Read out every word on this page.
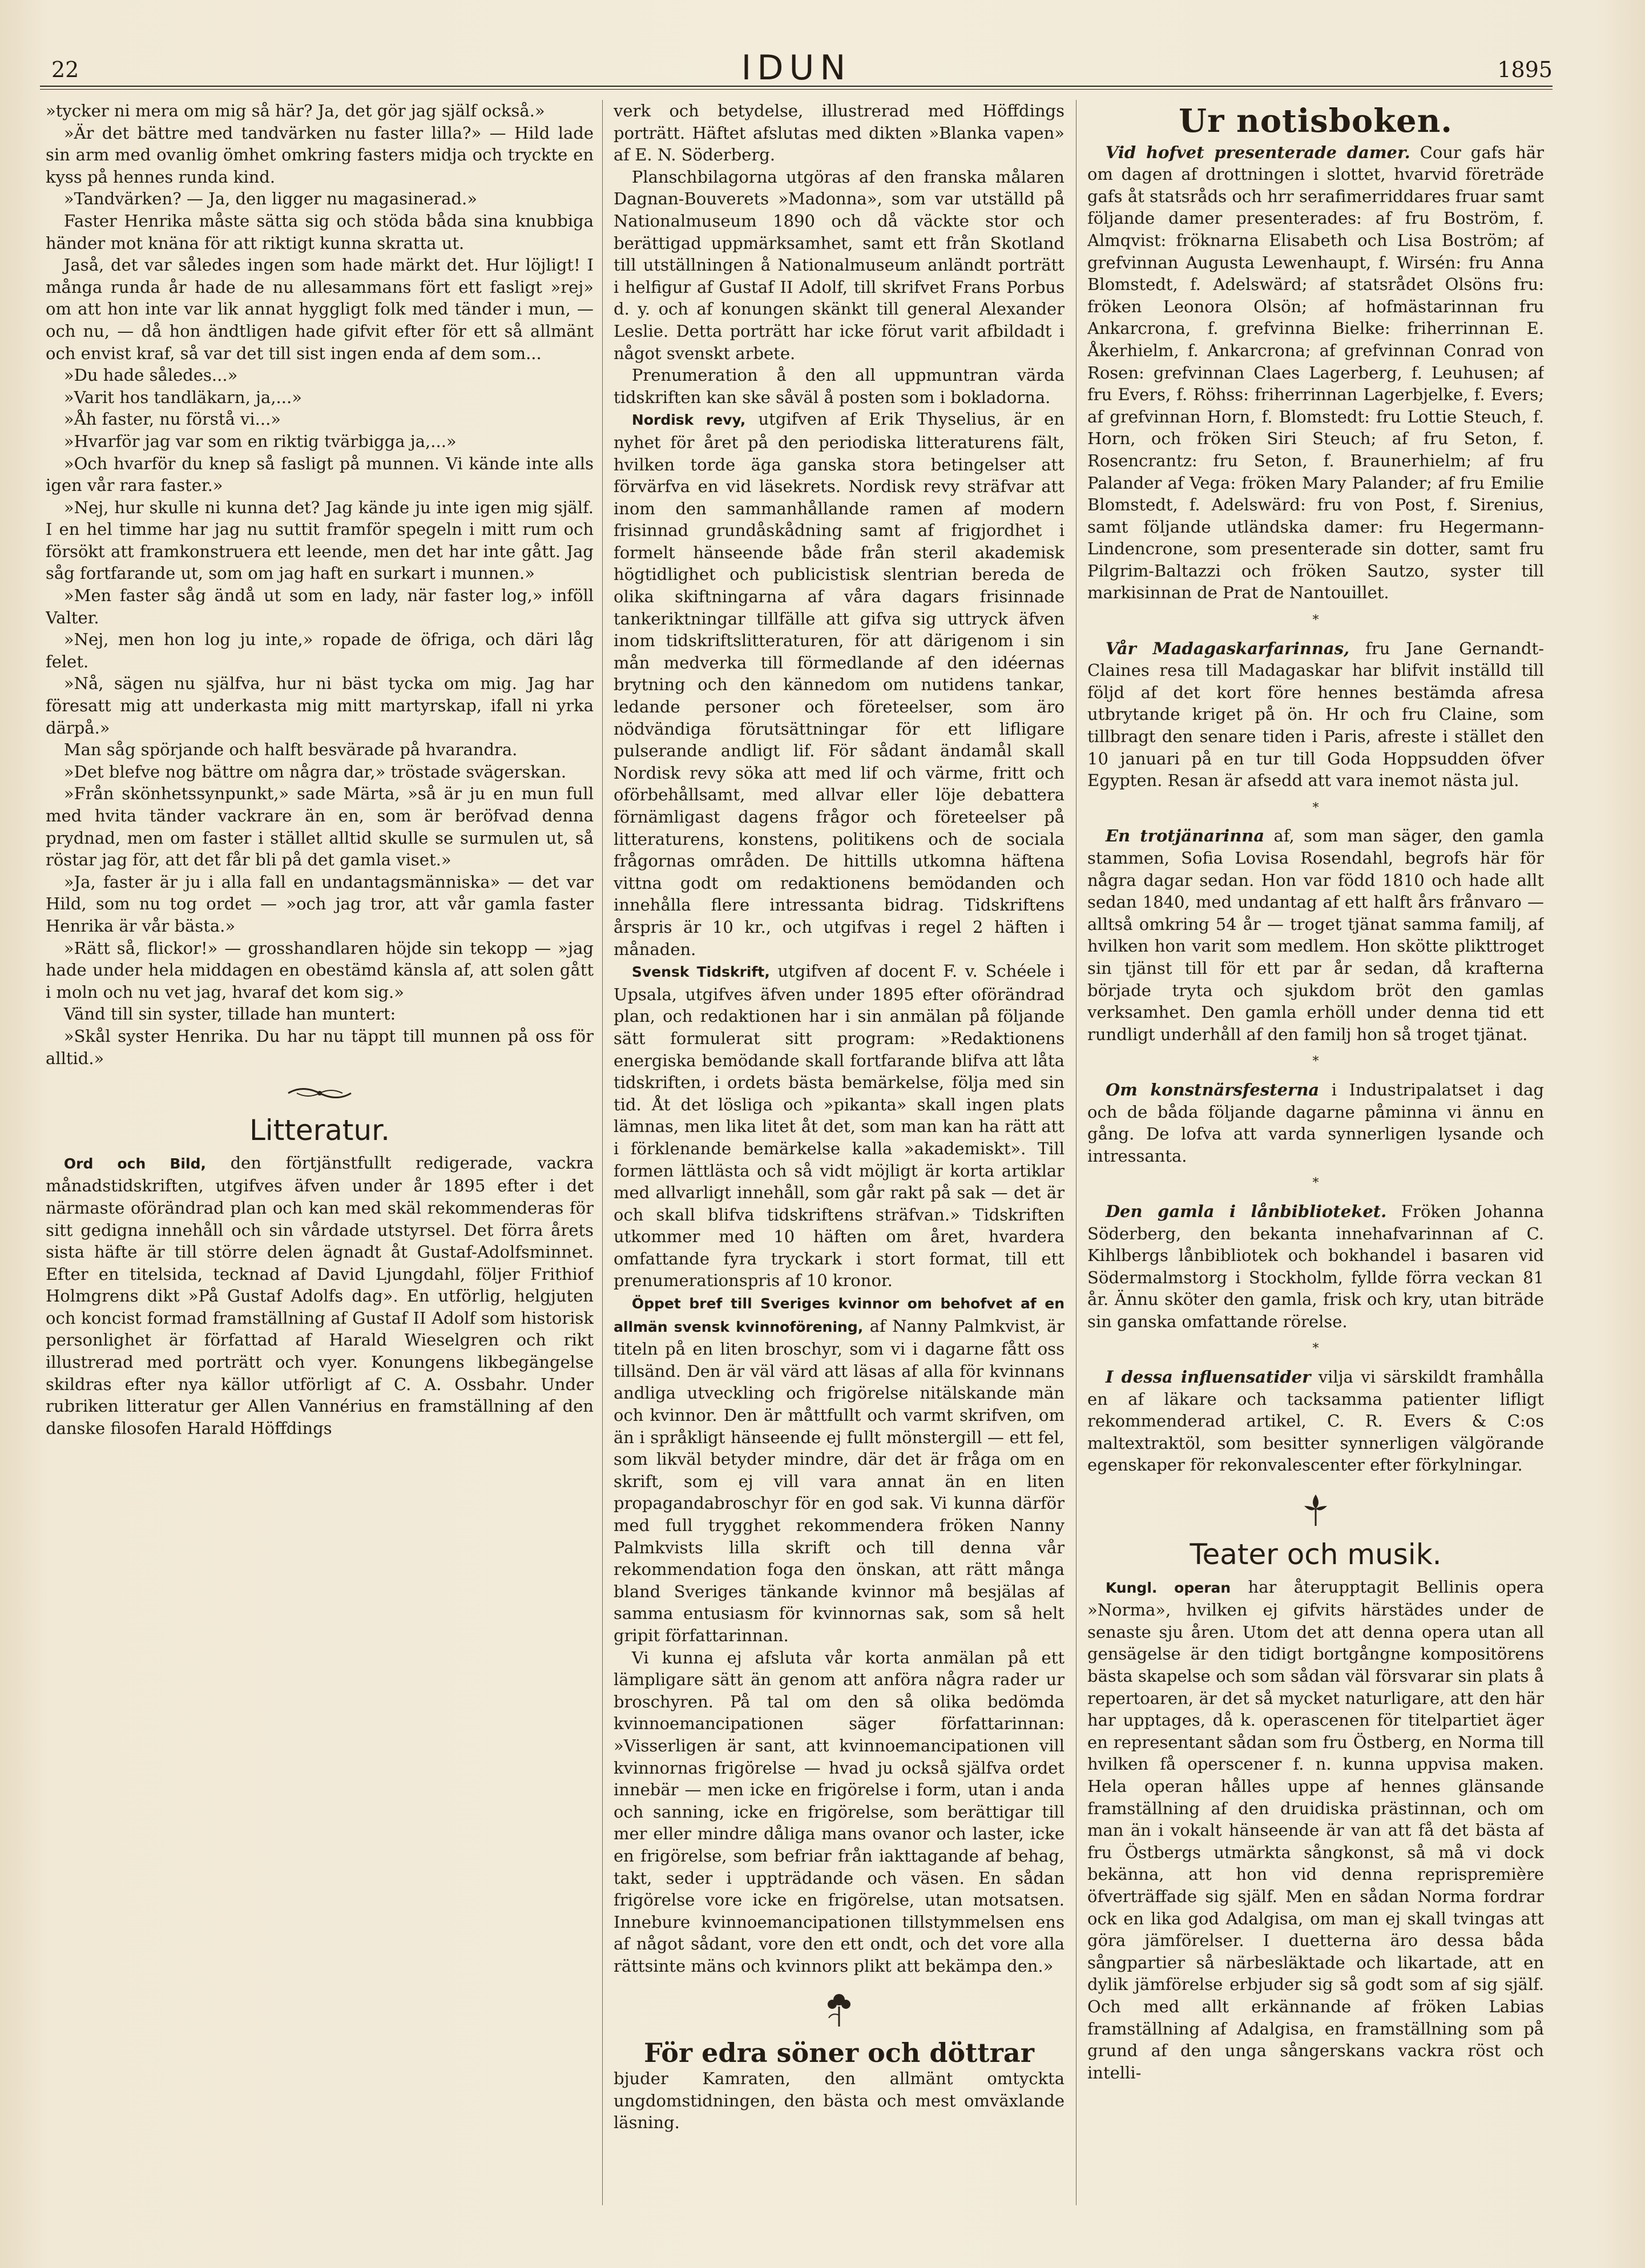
22	IDUN	1895

»tycker ni mera om mig så här? Ja, det gör jag själf också.»

»Är det bättre med tandvärken nu faster lilla?» — Hild lade sin arm med ovanlig ömhet omkring fasters midja och tryckte en kyss på hennes runda kind.

»Tandvärken? — Ja, den ligger nu magasinerad.»

Faster Henrika måste sätta sig och stöda båda sina knubbiga händer mot knäna för att riktigt kunna skratta ut.

Jaså, det var således ingen som hade märkt det. Hur löjligt! I många runda år hade de nu allesammans fört ett fasligt »rej» om att hon inte var lik annat hyggligt folk med tänder i mun, — och nu, — då hon ändtligen hade gifvit efter för ett så allmänt och envist kraf, så var det till sist ingen enda af dem som...

»Du hade således...»

»Varit hos tandläkarn, ja,...»

»Åh faster, nu förstå vi...»

»Hvarför jag var som en riktig tvärbigga ja,...»

»Och hvarför du knep så fasligt på munnen. Vi kände inte alls igen vår rara faster.»

»Nej, hur skulle ni kunna det? Jag kände ju inte igen mig själf. I en hel timme har jag nu suttit framför spegeln i mitt rum och försökt att framkonstruera ett leende, men det har inte gått. Jag såg fortfarande ut, som om jag haft en surkart i munnen.»

»Men faster såg ändå ut som en lady, när faster log,» inföll Valter.

»Nej, men hon log ju inte,» ropade de öfriga, och däri låg felet.

»Nå, sägen nu själfva, hur ni bäst tycka om mig. Jag har föresatt mig att underkasta mig mitt martyrskap, ifall ni yrka därpå.»

Man såg spörjande och halft besvärade på hvarandra.

»Det blefve nog bättre om några dar,» tröstade svägerskan.

»Från skönhetssynpunkt,» sade Märta, »så är ju en mun full med hvita tänder vackrare än en, som är beröfvad denna prydnad, men om faster i stället alltid skulle se surmulen ut, så röstar jag för, att det får bli på det gamla viset.»

»Ja, faster är ju i alla fall en undantagsmänniska» — det var Hild, som nu tog ordet — »och jag tror, att vår gamla faster Henrika är vår bästa.»

»Rätt så, flickor!» — grosshandlaren höjde sin tekopp — »jag hade under hela middagen en obestämd känsla af, att solen gått i moln och nu vet jag, hvaraf det kom sig.»

Vänd till sin syster, tillade han muntert:

»Skål syster Henrika. Du har nu täppt till munnen på oss för alltid.»

Litteratur.

Ord och Bild, den förtjänstfullt redigerade, vackra månadstidskriften, utgifves äfven under år 1895 efter i det närmaste oförändrad plan och kan med skäl rekommenderas för sitt gedigna innehåll och sin vårdade utstyrsel. Det förra årets sista häfte är till större delen ägnadt åt Gustaf-Adolfsminnet. Efter en titelsida, tecknad af David Ljungdahl, följer Frithiof Holmgrens dikt »På Gustaf Adolfs dag». En utförlig, helgjuten och koncist formad framställning af Gustaf II Adolf som historisk personlighet är författad af Harald Wieselgren och rikt illustrerad med porträtt och vyer. Konungens likbegängelse skildras efter nya källor utförligt af C. A. Ossbahr. Under rubriken litteratur ger Allen Vannérius en framställning af den danske filosofen Harald Höffdings

verk och betydelse, illustrerad med Höffdings porträtt. Häftet afslutas med dikten »Blanka vapen» af E. N. Söderberg.

Planschbilagorna utgöras af den franska målaren Dagnan-Bouverets »Madonna», som var utställd på Nationalmuseum 1890 och då väckte stor och berättigad uppmärksamhet, samt ett från Skotland till utställningen å Nationalmuseum anländt porträtt i helfigur af Gustaf II Adolf, till skrifvet Frans Porbus d. y. och af konungen skänkt till general Alexander Leslie. Detta porträtt har icke förut varit afbildadt i något svenskt arbete.

Prenumeration å den all uppmuntran värda tidskriften kan ske såväl å posten som i bokladorna.

Nordisk revy, utgifven af Erik Thyselius, är en nyhet för året på den periodiska litteraturens fält, hvilken torde äga ganska stora betingelser att förvärfva en vid läsekrets. Nordisk revy sträfvar att inom den sammanhållande ramen af modern frisinnad grundåskådning samt af frigjordhet i formelt hänseende både från steril akademisk högtidlighet och publicistisk slentrian bereda de olika skiftningarna af våra dagars frisinnade tankeriktningar tillfälle att gifva sig uttryck äfven inom tidskriftslitteraturen, för att därigenom i sin mån medverka till förmedlande af den idéernas brytning och den kännedom om nutidens tankar, ledande personer och företeelser, som äro nödvändiga förutsättningar för ett lifligare pulserande andligt lif. För sådant ändamål skall Nordisk revy söka att med lif och värme, fritt och oförbehållsamt, med allvar eller löje debattera förnämligast dagens frågor och företeelser på litteraturens, konstens, politikens och de sociala frågornas områden. De hittills utkomna häftena vittna godt om redaktionens bemödanden och innehålla flere intressanta bidrag. Tidskriftens årspris är 10 kr., och utgifvas i regel 2 häften i månaden.

Svensk Tidskrift, utgifven af docent F. v. Schéele i Upsala, utgifves äfven under 1895 efter oförändrad plan, och redaktionen har i sin anmälan på följande sätt formulerat sitt program: »Redaktionens energiska bemödande skall fortfarande blifva att låta tidskriften, i ordets bästa bemärkelse, följa med sin tid. Åt det lösliga och »pikanta» skall ingen plats lämnas, men lika litet åt det, som man kan ha rätt att i förklenande bemärkelse kalla »akademiskt». Till formen lättlästa och så vidt möjligt är korta artiklar med allvarligt innehåll, som går rakt på sak — det är och skall blifva tidskriftens sträfvan.» Tidskriften utkommer med 10 häften om året, hvardera omfattande fyra tryckark i stort format, till ett prenumerationspris af 10 kronor.

Öppet bref till Sveriges kvinnor om behofvet af en allmän svensk kvinnoförening, af Nanny Palmkvist, är titeln på en liten broschyr, som vi i dagarne fått oss tillsänd. Den är väl värd att läsas af alla för kvinnans andliga utveckling och frigörelse nitälskande män och kvinnor. Den är måttfullt och varmt skrifven, om än i språkligt hänseende ej fullt mönstergill — ett fel, som likväl betyder mindre, där det är fråga om en skrift, som ej vill vara annat än en liten propagandabroschyr för en god sak. Vi kunna därför med full trygghet rekommendera fröken Nanny Palmkvists lilla skrift och till denna vår rekommendation foga den önskan, att rätt många bland Sveriges tänkande kvinnor må besjälas af samma entusiasm för kvinnornas sak, som så helt gripit författarinnan.

Vi kunna ej afsluta vår korta anmälan på ett lämpligare sätt än genom att anföra några rader ur broschyren. På tal om den så olika bedömda kvinnoemancipationen säger författarinnan: »Visserligen är sant, att kvinnoemancipationen vill kvinnornas frigörelse — hvad ju också själfva ordet innebär — men icke en frigörelse i form, utan i anda och sanning, icke en frigörelse, som berättigar till mer eller mindre dåliga mans ovanor och laster, icke en frigörelse, som befriar från iakttagande af behag, takt, seder i uppträdande och väsen. En sådan frigörelse vore icke en frigörelse, utan motsatsen. Innebure kvinnoemancipationen tillstymmelsen ens af något sådant, vore den ett ondt, och det vore alla rättsinte mäns och kvinnors plikt att bekämpa den.»

För edra söner och döttrar

bjuder Kamraten, den allmänt omtyckta ungdomstidningen, den bästa och mest omväxlande läsning.

Ur notisboken.

Vid hofvet presenterade damer. Cour gafs här om dagen af drottningen i slottet, hvarvid företräde gafs åt statsråds och hrr serafimerriddares fruar samt följande damer presenterades: af fru Boström, f. Almqvist: fröknarna Elisabeth och Lisa Boström; af grefvinnan Augusta Lewenhaupt, f. Wirsén: fru Anna Blomstedt, f. Adelswärd; af statsrådet Olsöns fru: fröken Leonora Olsön; af hofmästarinnan fru Ankarcrona, f. grefvinna Bielke: friherrinnan E. Åkerhielm, f. Ankarcrona; af grefvinnan Conrad von Rosen: grefvinnan Claes Lagerberg, f. Leuhusen; af fru Evers, f. Röhss: friherrinnan Lagerbjelke, f. Evers; af grefvinnan Horn, f. Blomstedt: fru Lottie Steuch, f. Horn, och fröken Siri Steuch; af fru Seton, f. Rosencrantz: fru Seton, f. Braunerhielm; af fru Palander af Vega: fröken Mary Palander; af fru Emilie Blomstedt, f. Adelswärd: fru von Post, f. Sirenius, samt följande utländska damer: fru Hegermann-Lindencrone, som presenterade sin dotter, samt fru Pilgrim-Baltazzi och fröken Sautzo, syster till markisinnan de Prat de Nantouillet.

*

Vår Madagaskarfarinnas, fru Jane Gernandt-Claines resa till Madagaskar har blifvit inställd till följd af det kort före hennes bestämda afresa utbrytande kriget på ön. Hr och fru Claine, som tillbragt den senare tiden i Paris, afreste i stället den 10 januari på en tur till Goda Hoppsudden öfver Egypten. Resan är afsedd att vara inemot nästa jul.

*

En trotjänarinna af, som man säger, den gamla stammen, Sofia Lovisa Rosendahl, begrofs här för några dagar sedan. Hon var född 1810 och hade allt sedan 1840, med undantag af ett halft års frånvaro — alltså omkring 54 år — troget tjänat samma familj, af hvilken hon varit som medlem. Hon skötte plikttroget sin tjänst till för ett par år sedan, då krafterna började tryta och sjukdom bröt den gamlas verksamhet. Den gamla erhöll under denna tid ett rundligt underhåll af den familj hon så troget tjänat.

*

Om konstnärsfesterna i Industripalatset i dag och de båda följande dagarne påminna vi ännu en gång. De lofva att varda synnerligen lysande och intressanta.

*

Den gamla i lånbiblioteket. Fröken Johanna Söderberg, den bekanta innehafvarinnan af C. Kihlbergs lånbibliotek och bokhandel i basaren vid Södermalmstorg i Stockholm, fyllde förra veckan 81 år. Ännu sköter den gamla, frisk och kry, utan biträde sin ganska omfattande rörelse.

*

I dessa influensatider vilja vi särskildt framhålla en af läkare och tacksamma patienter lifligt rekommenderad artikel, C. R. Evers & C:os maltextraktöl, som besitter synnerligen välgörande egenskaper för rekonvalescenter efter förkylningar.

Teater och musik.

Kungl. operan har återupptagit Bellinis opera »Norma», hvilken ej gifvits härstädes under de senaste sju åren. Utom det att denna opera utan all gensägelse är den tidigt bortgångne kompositörens bästa skapelse och som sådan väl försvarar sin plats å repertoaren, är det så mycket naturligare, att den här har upptages, då k. operascenen för titelpartiet äger en representant sådan som fru Östberg, en Norma till hvilken få operscener f. n. kunna uppvisa maken. Hela operan hålles uppe af hennes glänsande framställning af den druidiska prästinnan, och om man än i vokalt hänseende är van att få det bästa af fru Östbergs utmärkta sångkonst, så må vi dock bekänna, att hon vid denna reprispremière öfverträffade sig själf. Men en sådan Norma fordrar ock en lika god Adalgisa, om man ej skall tvingas att göra jämförelser. I duetterna äro dessa båda sångpartier så närbesläktade och likartade, att en dylik jämförelse erbjuder sig så godt som af sig själf. Och med allt erkännande af fröken Labias framställning af Adalgisa, en framställning som på grund af den unga sångerskans vackra röst och intelli-
